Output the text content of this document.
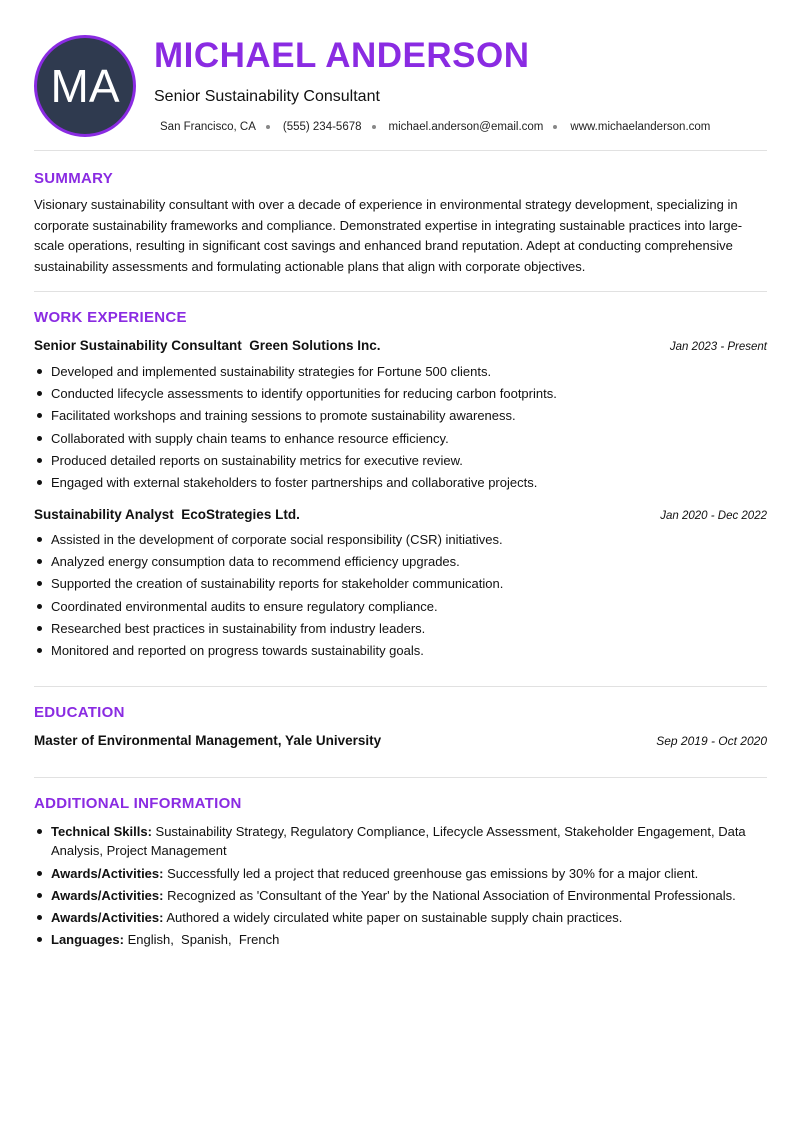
MA
MICHAEL ANDERSON
Senior Sustainability Consultant
San Francisco, CA (555) 234-5678 michael.anderson@email.com www.michaelanderson.com
SUMMARY

Visionary sustainability consultant with over a decade of experience in environmental strategy development, specializing in corporate sustainability frameworks and compliance. Demonstrated expertise in integrating sustainable practices into large-scale operations, resulting in significant cost savings and enhanced brand reputation. Adept at conducting comprehensive sustainability assessments and formulating actionable plans that align with corporate objectives.

WORK EXPERIENCE
Senior Sustainability Consultant  Green Solutions Inc.	Jan 2023 - Present
Developed and implemented sustainability strategies for Fortune 500 clients.
Conducted lifecycle assessments to identify opportunities for reducing carbon footprints.
Facilitated workshops and training sessions to promote sustainability awareness.
Collaborated with supply chain teams to enhance resource efficiency.
Produced detailed reports on sustainability metrics for executive review.
Engaged with external stakeholders to foster partnerships and collaborative projects.
Sustainability Analyst  EcoStrategies Ltd.	Jan 2020 - Dec 2022
Assisted in the development of corporate social responsibility (CSR) initiatives.
Analyzed energy consumption data to recommend efficiency upgrades.
Supported the creation of sustainability reports for stakeholder communication.
Coordinated environmental audits to ensure regulatory compliance.
Researched best practices in sustainability from industry leaders.
Monitored and reported on progress towards sustainability goals.
EDUCATION
Master of Environmental Management, Yale University	Sep 2019 - Oct 2020
ADDITIONAL INFORMATION
Technical Skills: Sustainability Strategy, Regulatory Compliance, Lifecycle Assessment, Stakeholder Engagement, Data Analysis, Project Management
Awards/Activities: Successfully led a project that reduced greenhouse gas emissions by 30% for a major client.
Awards/Activities: Recognized as 'Consultant of the Year' by the National Association of Environmental Professionals.
Awards/Activities: Authored a widely circulated white paper on sustainable supply chain practices.
Languages: English,  Spanish,  French
